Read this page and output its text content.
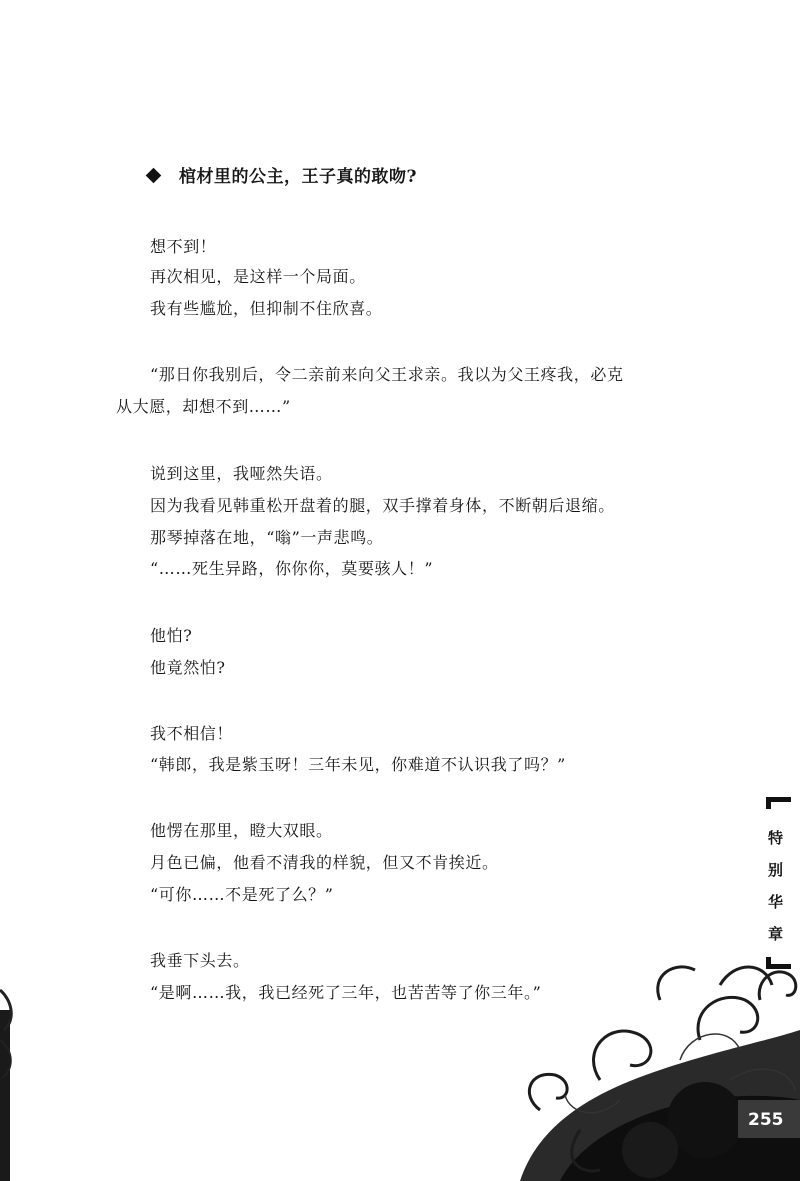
棺材里的公主，王子真的敢吻?
想不到！
再次相见，是这样一个局面。
我有些尴尬，但抑制不住欣喜。
“那日你我别后，令二亲前来向父王求亲。我以为父王疼我，必克
从大愿，却想不到……”
说到这里，我哑然失语。
因为我看见韩重松开盘着的腿，双手撑着身体，不断朝后退缩。
那琴掉落在地，“嗡”一声悲鸣。
“……死生异路，你你你，莫要骇人！”
他怕?
他竟然怕?
我不相信！
“韩郎，我是紫玉呀！三年未见，你难道不认识我了吗？”
他愣在那里，瞪大双眼。
月色已偏，他看不清我的样貌，但又不肯挨近。
“可你……不是死了么？”
我垂下头去。
“是啊……我，我已经死了三年，也苦苦等了你三年。”
特
别
华
章
255
